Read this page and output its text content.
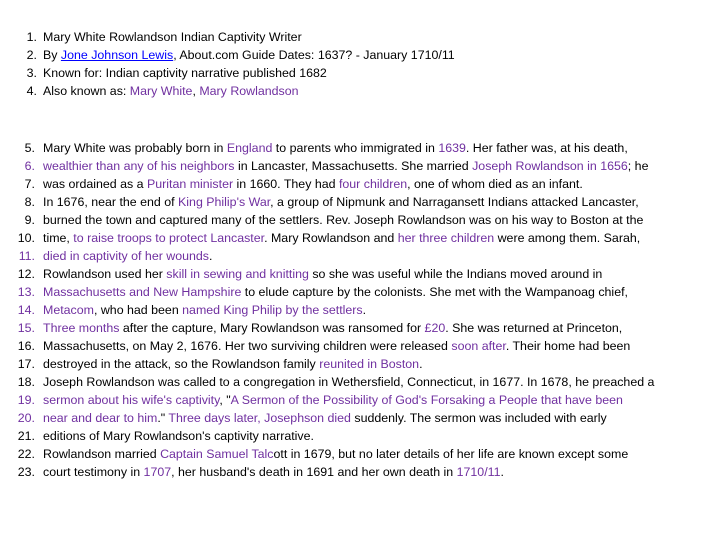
1. Mary White Rowlandson Indian Captivity Writer
2. By Jone Johnson Lewis, About.com Guide Dates: 1637? - January 1710/11
3. Known for: Indian captivity narrative published 1682
4. Also known as: Mary White, Mary Rowlandson
5. Mary White was probably born in England to parents who immigrated in 1639. Her father was, at his death,
6. wealthier than any of his neighbors in Lancaster, Massachusetts. She married Joseph Rowlandson in 1656; he
7. was ordained as a Puritan minister in 1660. They had four children, one of whom died as an infant.
8. In 1676, near the end of King Philip's War, a group of Nipmunk and Narragansett Indians attacked Lancaster,
9. burned the town and captured many of the settlers. Rev. Joseph Rowlandson was on his way to Boston at the
10. time, to raise troops to protect Lancaster. Mary Rowlandson and her three children were among them. Sarah,
11. died in captivity of her wounds.
12. Rowlandson used her skill in sewing and knitting so she was useful while the Indians moved around in
13. Massachusetts and New Hampshire to elude capture by the colonists. She met with the Wampanoag chief,
14. Metacom, who had been named King Philip by the settlers.
15. Three months after the capture, Mary Rowlandson was ransomed for £20. She was returned at Princeton,
16. Massachusetts, on May 2, 1676. Her two surviving children were released soon after. Their home had been
17. destroyed in the attack, so the Rowlandson family reunited in Boston.
18. Joseph Rowlandson was called to a congregation in Wethersfield, Connecticut, in 1677. In 1678, he preached a
19. sermon about his wife's captivity, "A Sermon of the Possibility of God's Forsaking a People that have been
20. near and dear to him." Three days later, Josephson died suddenly. The sermon was included with early
21. editions of Mary Rowlandson's captivity narrative.
22. Rowlandson married Captain Samuel Talcott in 1679, but no later details of her life are known except some
23. court testimony in 1707, her husband's death in 1691 and her own death in 1710/11.
